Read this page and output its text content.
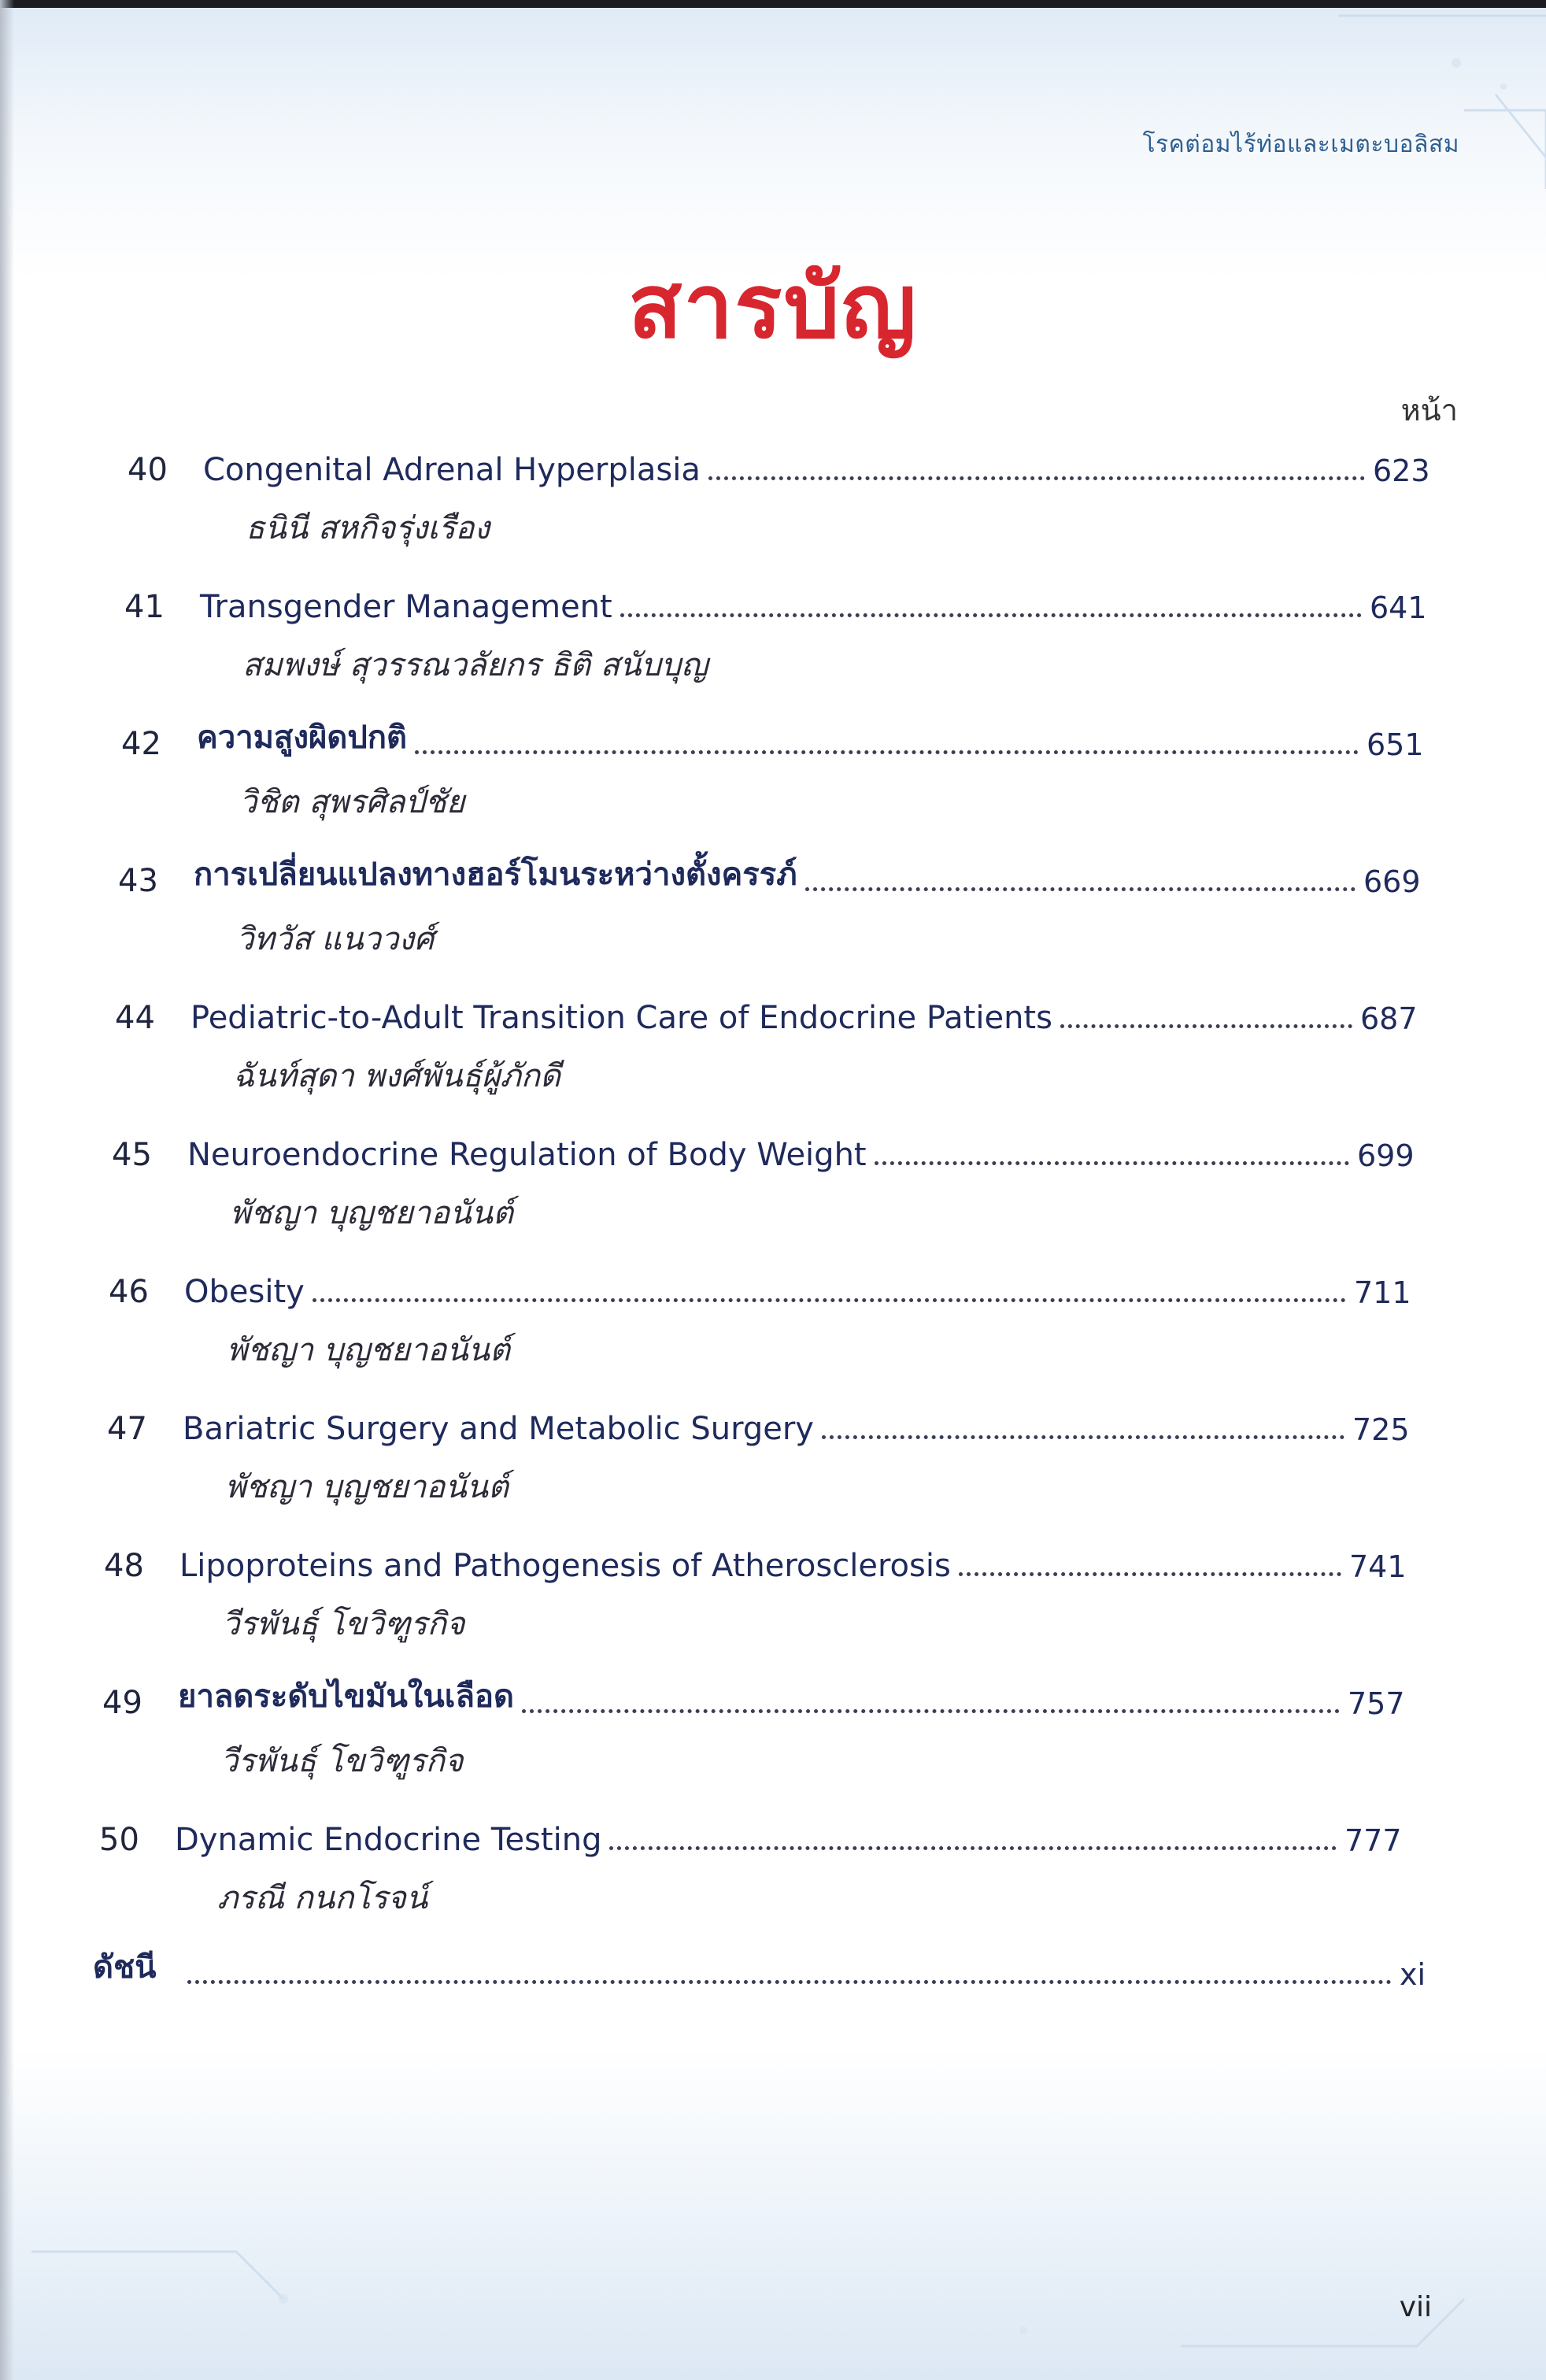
โรคต่อมไร้ท่อและเมตะบอลิสม
สารบัญ
หน้า
40	Congenital Adrenal Hyperplasia	623
ธนินี สหกิจรุ่งเรือง
41	Transgender Management	641
สมพงษ์ สุวรรณวลัยกร ธิติ สนับบุญ
42	ความสูงผิดปกติ	651
วิชิต สุพรศิลป์ชัย
43	การเปลี่ยนแปลงทางฮอร์โมนระหว่างตั้งครรภ์	669
วิทวัส แนววงศ์
44	Pediatric-to-Adult Transition Care of Endocrine Patients	687
ฉันท์สุดา พงศ์พันธุ์ผู้ภักดี
45	Neuroendocrine Regulation of Body Weight	699
พัชญา บุญชยาอนันต์
46	Obesity	711
พัชญา บุญชยาอนันต์
47	Bariatric Surgery and Metabolic Surgery	725
พัชญา บุญชยาอนันต์
48	Lipoproteins and Pathogenesis of Atherosclerosis	741
วีรพันธุ์ โขวิฑูรกิจ
49	ยาลดระดับไขมันในเลือด	757
วีรพันธุ์ โขวิฑูรกิจ
50	Dynamic Endocrine Testing	777
ภรณี กนกโรจน์
ดัชนี	xi
vii
